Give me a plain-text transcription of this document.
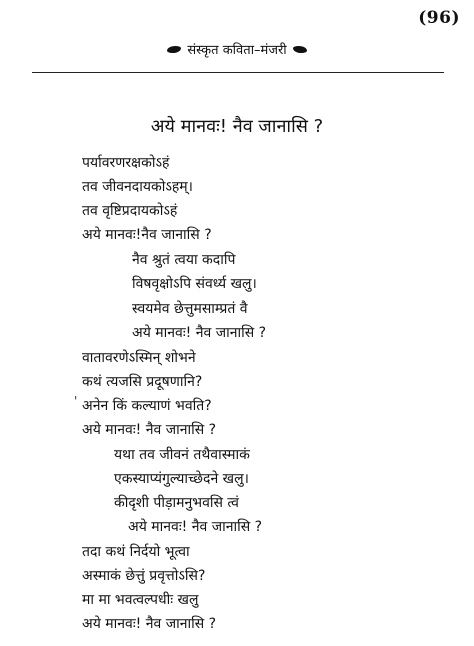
(96)
संस्कृत कविता–मंजरी
अये मानवः! नैव जानासि ?
पर्यावरणरक्षकोऽहं
तव जीवनदायकोऽहम्।
तव वृष्टिप्रदायकोऽहं
अये मानवः!नैव जानासि ?
नैव श्रुतं त्वया कदापि
विषवृक्षोऽपि संवर्ध्य खलु।
स्वयमेव छेत्तुमसाम्प्रतं वै
अये मानवः! नैव जानासि ?
वातावरणेऽस्मिन् शोभने
कथं त्यजसि प्रदूषणानि?
' अनेन किं कल्याणं भवति?
अये मानवः! नैव जानासि ?
यथा तव जीवनं तथैवास्माकं
एकस्याप्यंगुल्याच्छेदने खलु।
कीदृशी पीड़ामनुभवसि त्वं
अये मानवः! नैव जानासि ?
तदा कथं निर्दयो भूत्वा
अस्माकं छेत्तुं प्रवृत्तोऽसि?
मा मा भवत्वल्पधीः खलु
अये मानवः! नैव जानासि ?
